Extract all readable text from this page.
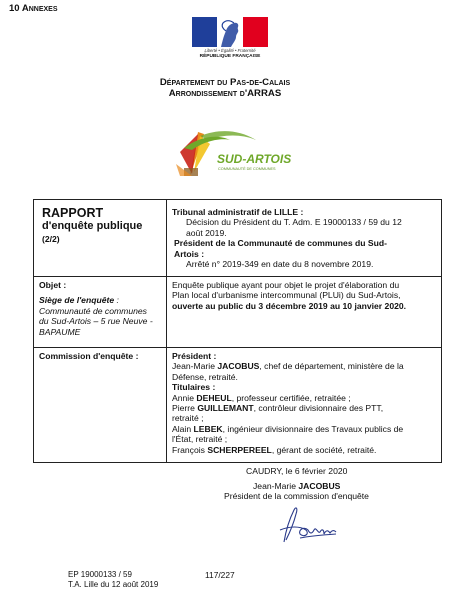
10 Annexes
Liberté • Égalité • Fraternité
RÉPUBLIQUE FRANÇAISE
Département du Pas-de-Calais
Arrondissement d'ARRAS
SUD-ARTOIS
COMMUNAUTÉ DE COMMUNES
RAPPORT
d'enquête publique
(2/2)
Tribunal administratif de LILLE :
Décision du Président du T. Adm. E 19000133 / 59 du 12
août 2019.
Président de la Communauté de communes du Sud-
Artois :
Arrêté n° 2019-349 en date du 8 novembre 2019.
Objet :
Siège de l'enquête :
Communauté de communes
du Sud-Artois – 5 rue Neuve -
BAPAUME
Enquête publique ayant pour objet le projet d'élaboration du
Plan local d'urbanisme intercommunal (PLUi) du Sud-Artois,
ouverte au public du 3 décembre 2019 au 10 janvier 2020.
Commission d'enquête :	Président :
Jean-Marie JACOBUS, chef de département, ministère de la
Défense, retraité.
Titulaires :
Annie DEHEUL, professeur certifiée, retraitée ;
Pierre GUILLEMANT, contrôleur divisionnaire des PTT,
retraité ;
Alain LEBEK, ingénieur divisionnaire des Travaux publics de
l'État, retraité ;
François SCHERPEREEL, gérant de société, retraité.
CAUDRY, le 6 février 2020
Jean-Marie JACOBUS
Président de la commission d'enquête
EP 19000133 / 59
T.A. Lille du 12 août 2019
117/227
